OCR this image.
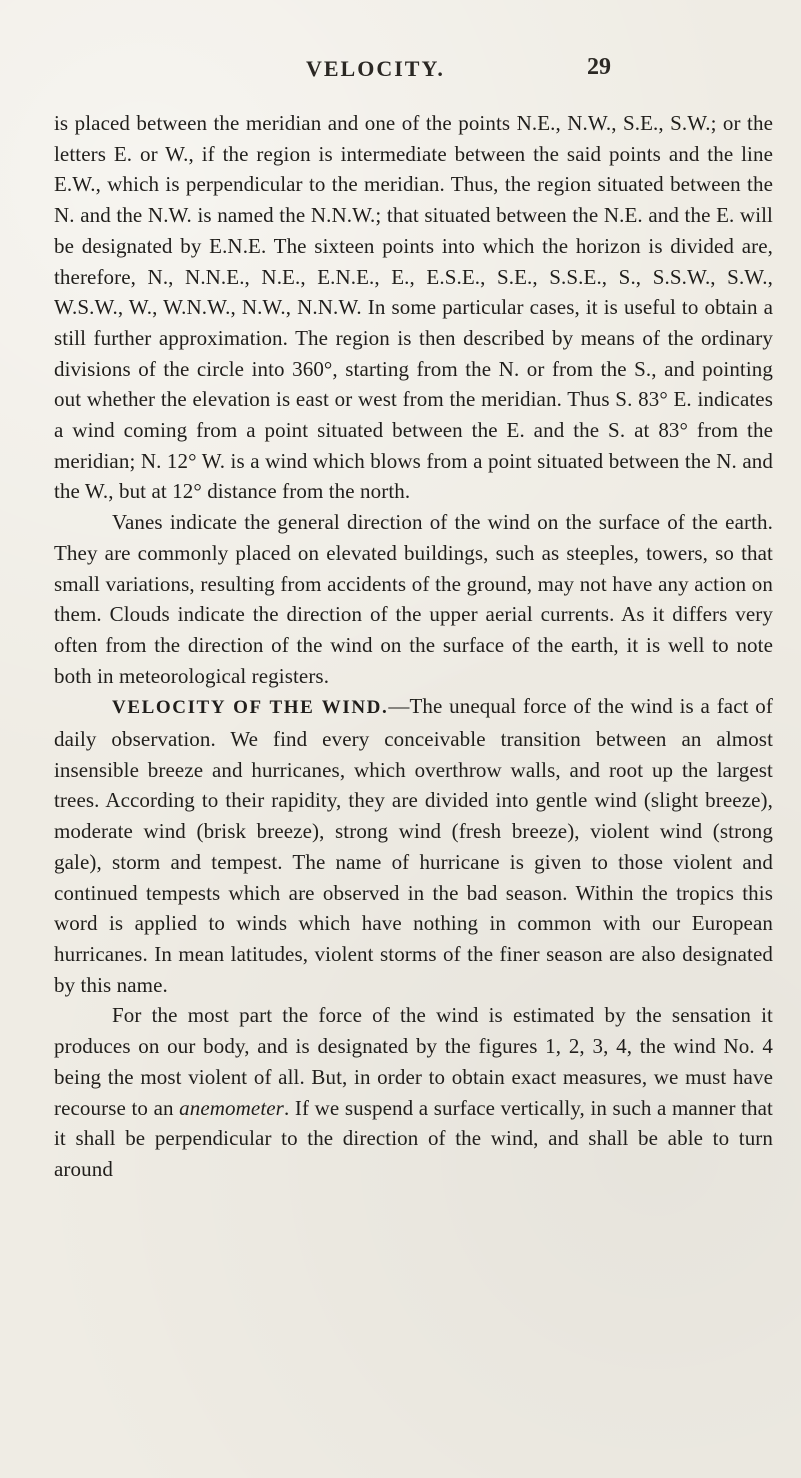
VELOCITY.	29

is placed between the meridian and one of the points N.E., N.W., S.E., S.W.; or the letters E. or W., if the region is intermediate between the said points and the line E.W., which is perpendicular to the meridian. Thus, the region situated between the N. and the N.W. is named the N.N.W.; that situated between the N.E. and the E. will be designated by E.N.E. The sixteen points into which the horizon is divided are, therefore, N., N.N.E., N.E., E.N.E., E., E.S.E., S.E., S.S.E., S., S.S.W., S.W., W.S.W., W., W.N.W., N.W., N.N.W. In some particular cases, it is useful to obtain a still further approximation. The region is then described by means of the ordinary divisions of the circle into 360°, starting from the N. or from the S., and pointing out whether the elevation is east or west from the meridian. Thus S. 83° E. indicates a wind coming from a point situated between the E. and the S. at 83° from the meridian; N. 12° W. is a wind which blows from a point situated between the N. and the W., but at 12° distance from the north.

Vanes indicate the general direction of the wind on the surface of the earth. They are commonly placed on elevated buildings, such as steeples, towers, so that small variations, resulting from accidents of the ground, may not have any action on them. Clouds indicate the direction of the upper aerial currents. As it differs very often from the direction of the wind on the surface of the earth, it is well to note both in meteorological registers.

VELOCITY OF THE WIND.—The unequal force of the wind is a fact of daily observation. We find every conceivable transition between an almost insensible breeze and hurricanes, which overthrow walls, and root up the largest trees. According to their rapidity, they are divided into gentle wind (slight breeze), moderate wind (brisk breeze), strong wind (fresh breeze), violent wind (strong gale), storm and tempest. The name of hurricane is given to those violent and continued tempests which are observed in the bad season. Within the tropics this word is applied to winds which have nothing in common with our European hurricanes. In mean latitudes, violent storms of the finer season are also designated by this name.

For the most part the force of the wind is estimated by the sensation it produces on our body, and is designated by the figures 1, 2, 3, 4, the wind No. 4 being the most violent of all. But, in order to obtain exact measures, we must have recourse to an anemometer. If we suspend a surface vertically, in such a manner that it shall be perpendicular to the direction of the wind, and shall be able to turn around
